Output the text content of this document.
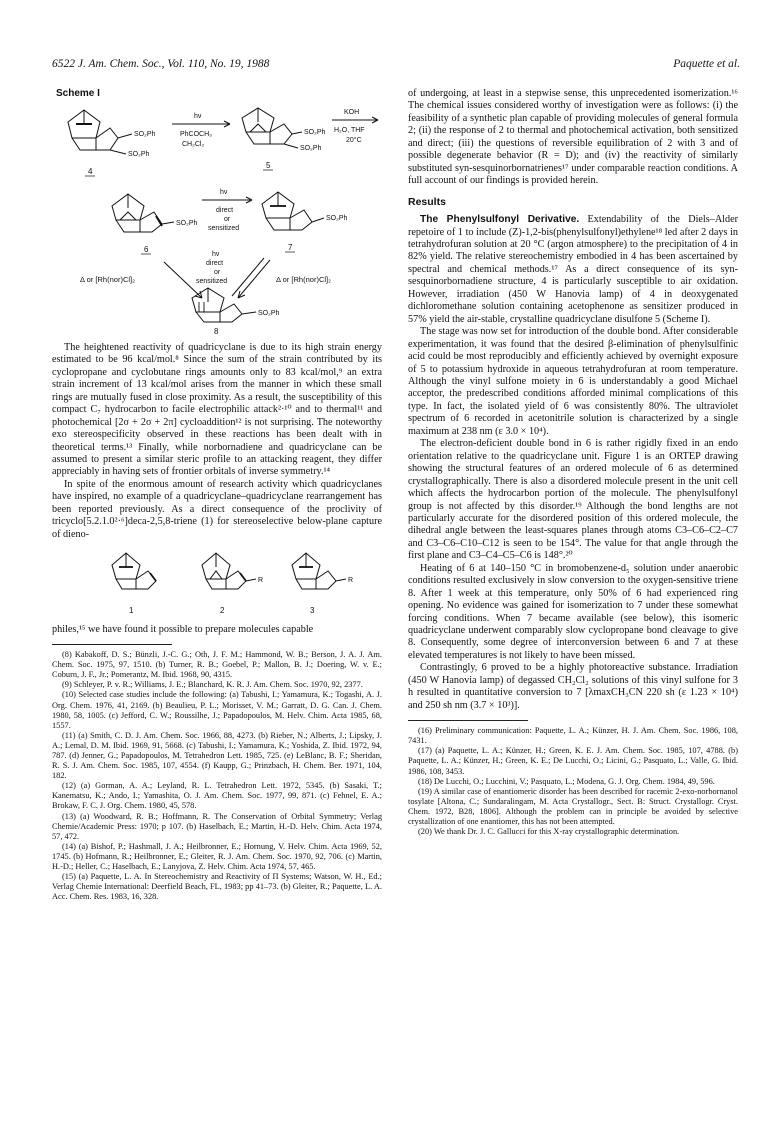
6522 J. Am. Chem. Soc., Vol. 110, No. 19, 1988	Paquette et al.
Scheme I
SO₂Ph
SO₂Ph
4
hν
PhCOCH₃
CH₂Cl₂
SO₂Ph
SO₂Ph
5
KOH
H₂O, THF
20°C
SO₂Ph
6
hν
direct
or
sensitized
SO₂Ph
7
Δ or [Rh(nor)Cl]₂
hν
direct
or
sensitized	Δ or [Rh(nor)Cl]₂
SO₂Ph
8

The heightened reactivity of quadricyclane is due to its high strain energy estimated to be 96 kcal/mol.⁸ Since the sum of the strain contributed by its cyclopropane and cyclobutane rings amounts only to 83 kcal/mol,⁹ an extra strain increment of 13 kcal/mol arises from the manner in which these small rings are mutually fused in close proximity. As a result, the susceptibility of this compact C₇ hydrocarbon to facile electrophilic attack²·¹⁰ and to thermal¹¹ and photochemical [2σ + 2σ + 2π] cycloaddition¹² is not surprising. The noteworthy exo stereospecificity observed in these reactions has been dealt with in theoretical terms.¹³ Finally, while norbornadiene and quadricyclane can be assumed to present a similar steric profile to an attacking reagent, they differ appreciably in having sets of frontier orbitals of inverse symmetry.¹⁴

In spite of the enormous amount of research activity which quadricyclanes have inspired, no example of a quadricyclane–quadricyclane rearrangement has been reported previously. As a direct consequence of the proclivity of tricyclo[5.2.1.0²·⁶]deca-2,5,8-triene (1) for stereoselective below-plane capture of dieno-

1
R
2
R
3

philes,¹⁵ we have found it possible to prepare molecules capable

(8) Kabakoff, D. S.; Bünzli, J.-C. G.; Oth, J. F. M.; Hammond, W. B.; Berson, J. A. J. Am. Chem. Soc. 1975, 97, 1510. (b) Turner, R. B.; Goebel, P.; Mallon, B. J.; Doering, W. v. E.; Coburn, J. F., Jr.; Pomerantz, M. Ibid. 1968, 90, 4315.
(9) Schleyer, P. v. R.; Williams, J. E.; Blanchard, K. R. J. Am. Chem. Soc. 1970, 92, 2377.
(10) Selected case studies include the following: (a) Tabushi, I.; Yamamura, K.; Togashi, A. J. Org. Chem. 1976, 41, 2169. (b) Beaulieu, P. L.; Morisset, V. M.; Garratt, D. G. Can. J. Chem. 1980, 58, 1005. (c) Jefford, C. W.; Roussilhe, J.; Papadopoulos, M. Helv. Chim. Acta 1985, 68, 1557.
(11) (a) Smith, C. D. J. Am. Chem. Soc. 1966, 88, 4273. (b) Rieber, N.; Alberts, J.; Lipsky, J. A.; Lemal, D. M. Ibid. 1969, 91, 5668. (c) Tabushi, I.; Yamamura, K.; Yoshida, Z. Ibid. 1972, 94, 787. (d) Jenner, G.; Papadopoulos, M. Tetrahedron Lett. 1985, 725. (e) LeBlanc, B. F.; Sheridan, R. S. J. Am. Chem. Soc. 1985, 107, 4554. (f) Kaupp, G.; Prinzbach, H. Chem. Ber. 1971, 104, 182.
(12) (a) Gorman, A. A.; Leyland, R. L. Tetrahedron Lett. 1972, 5345. (b) Sasaki, T.; Kanematsu, K.; Ando, I.; Yamashita, O. J. Am. Chem. Soc. 1977, 99, 871. (c) Fehnel, E. A.; Brokaw, F. C. J. Org. Chem. 1980, 45, 578.
(13) (a) Woodward, R. B.; Hoffmann, R. The Conservation of Orbital Symmetry; Verlag Chemie/Academic Press: 1970; p 107. (b) Haselbach, E.; Martin, H.-D. Helv. Chim. Acta 1974, 57, 472.
(14) (a) Bishof, P.; Hashmall, J. A.; Heilbronner, E.; Hornung, V. Helv. Chim. Acta 1969, 52, 1745. (b) Hofmann, R.; Heilbronner, E.; Gleiter, R. J. Am. Chem. Soc. 1970, 92, 706. (c) Martin, H.-D.; Heller, C.; Haselbach, E.; Lanyjova, Z. Helv. Chim. Acta 1974, 57, 465.
(15) (a) Paquette, L. A. In Stereochemistry and Reactivity of Π Systems; Watson, W. H., Ed.; Verlag Chemie International: Deerfield Beach, FL, 1983; pp 41–73. (b) Gleiter, R.; Paquette, L. A. Acc. Chem. Res. 1983, 16, 328.

of undergoing, at least in a stepwise sense, this unprecedented isomerization.¹⁶ The chemical issues considered worthy of investigation were as follows: (i) the feasibility of a synthetic plan capable of providing molecules of general formula 2; (ii) the response of 2 to thermal and photochemical activation, both sensitized and direct; (iii) the questions of reversible equilibration of 2 with 3 and of possible degenerate behavior (R = D); and (iv) the reactivity of similarly substituted syn-sesquinorbornatrienes¹⁷ under comparable reaction conditions. A full account of our findings is provided herein.

Results

The Phenylsulfonyl Derivative. Extendability of the Diels–Alder repetoire of 1 to include (Z)-1,2-bis(phenylsulfonyl)ethylene¹⁸ led after 2 days in tetrahydrofuran solution at 20 °C (argon atmosphere) to the precipitation of 4 in 82% yield. The relative stereochemistry embodied in 4 has been ascertained by spectral and chemical methods.¹⁷ As a direct consequence of its syn-sesquinorbornadiene structure, 4 is particularly susceptible to air oxidation. However, irradiation (450 W Hanovia lamp) of 4 in deoxygenated dichloromethane solution containing acetophenone as sensitizer produced in 57% yield the air-stable, crystalline quadricyclane disulfone 5 (Scheme I).

The stage was now set for introduction of the double bond. After considerable experimentation, it was found that the desired β-elimination of phenylsulfinic acid could be most reproducibly and efficiently achieved by overnight exposure of 5 to potassium hydroxide in aqueous tetrahydrofuran at room temperature. Although the vinyl sulfone moiety in 6 is understandably a good Michael acceptor, the predescribed conditions afforded minimal complications of this type. In fact, the isolated yield of 6 was consistently 80%. The ultraviolet spectrum of 6 recorded in acetonitrile solution is characterized by a single maximum at 238 nm (ε 3.0 × 10⁴).

The electron-deficient double bond in 6 is rather rigidly fixed in an endo orientation relative to the quadricyclane unit. Figure 1 is an ORTEP drawing showing the structural features of an ordered molecule of 6 as determined crystallographically. There is also a disordered molecule present in the unit cell which affects the hydrocarbon portion of the molecule. The phenylsulfonyl group is not affected by this disorder.¹⁹ Although the bond lengths are not particularly accurate for the disordered position of this ordered molecule, the dihedral angle between the least-squares planes through atoms C3–C6–C2–C7 and C3–C6–C10–C12 is seen to be 154°. The value for that angle through the first plane and C3–C4–C5–C6 is 148°.²⁰

Heating of 6 at 140–150 °C in bromobenzene-d₅ solution under anaerobic conditions resulted exclusively in slow conversion to the oxygen-sensitive triene 8. After 1 week at this temperature, only 50% of 6 had experienced ring opening. No evidence was gained for isomerization to 7 under these somewhat forcing conditions. When 7 became available (see below), this isomeric quadricyclane underwent comparably slow cyclopropane bond cleavage to give 8. Consequently, some degree of interconversion between 6 and 7 at these elevated temperatures is not likely to have been missed.

Contrastingly, 6 proved to be a highly photoreactive substance. Irradiation (450 W Hanovia lamp) of degassed CH₂Cl₂ solutions of this vinyl sulfone for 3 h resulted in quantitative conversion to 7 [λmaxCH₃CN 220 sh (ε 1.23 × 10⁴) and 250 sh nm (3.7 × 10³)].

(16) Preliminary communication: Paquette, L. A.; Künzer, H. J. Am. Chem. Soc. 1986, 108, 7431.
(17) (a) Paquette, L. A.; Künzer, H.; Green, K. E. J. Am. Chem. Soc. 1985, 107, 4788. (b) Paquette, L. A.; Künzer, H.; Green, K. E.; De Lucchi, O.; Licini, G.; Pasquato, L.; Valle, G. Ibid. 1986, 108, 3453.
(18) De Lucchi, O.; Lucchini, V.; Pasquato, L.; Modena, G. J. Org. Chem. 1984, 49, 596.
(19) A similar case of enantiomeric disorder has been described for racemic 2-exo-norbornanol tosylate [Altona, C.; Sundaralingam, M. Acta Crystallogr., Sect. B: Struct. Crystallogr. Cryst. Chem. 1972, B28, 1806]. Although the problem can in principle be avoided by selective crystallization of one enantiomer, this has not been attempted.
(20) We thank Dr. J. C. Gallucci for this X-ray crystallographic determination.
